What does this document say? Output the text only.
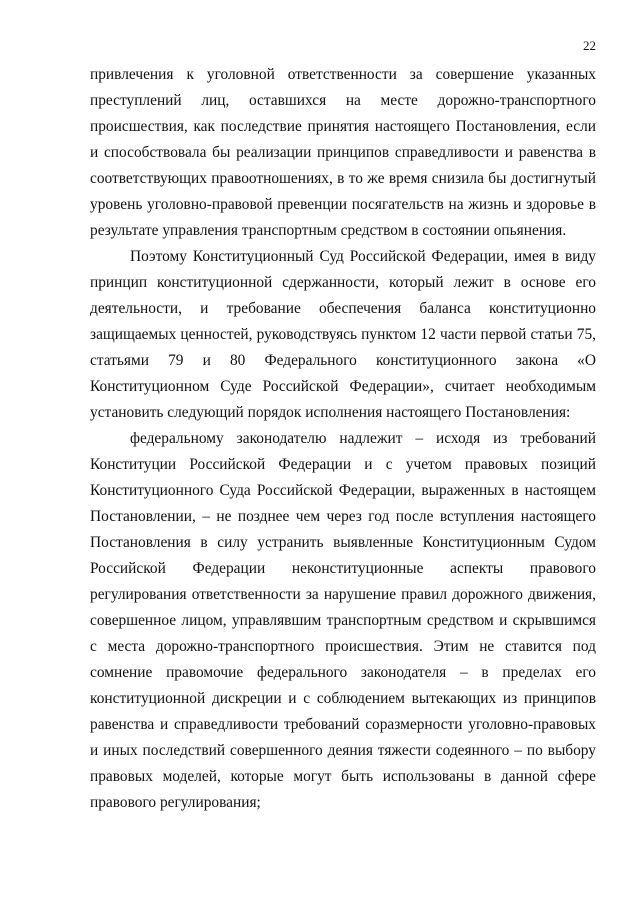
22

привлечения к уголовной ответственности за совершение указанных преступлений лиц, оставшихся на месте дорожно-транспортного происшествия, как последствие принятия настоящего Постановления, если и способствовала бы реализации принципов справедливости и равенства в соответствующих правоотношениях, в то же время снизила бы достигнутый уровень уголовно-правовой превенции посягательств на жизнь и здоровье в результате управления транспортным средством в состоянии опьянения.

Поэтому Конституционный Суд Российской Федерации, имея в виду принцип конституционной сдержанности, который лежит в основе его деятельности, и требование обеспечения баланса конституционно защищаемых ценностей, руководствуясь пунктом 12 части первой статьи 75, статьями 79 и 80 Федерального конституционного закона «О Конституционном Суде Российской Федерации», считает необходимым установить следующий порядок исполнения настоящего Постановления:

федеральному законодателю надлежит – исходя из требований Конституции Российской Федерации и с учетом правовых позиций Конституционного Суда Российской Федерации, выраженных в настоящем Постановлении, – не позднее чем через год после вступления настоящего Постановления в силу устранить выявленные Конституционным Судом Российской Федерации неконституционные аспекты правового регулирования ответственности за нарушение правил дорожного движения, совершенное лицом, управлявшим транспортным средством и скрывшимся с места дорожно-транспортного происшествия. Этим не ставится под сомнение правомочие федерального законодателя – в пределах его конституционной дискреции и с соблюдением вытекающих из принципов равенства и справедливости требований соразмерности уголовно-правовых и иных последствий совершенного деяния тяжести содеянного – по выбору правовых моделей, которые могут быть использованы в данной сфере правового регулирования;
